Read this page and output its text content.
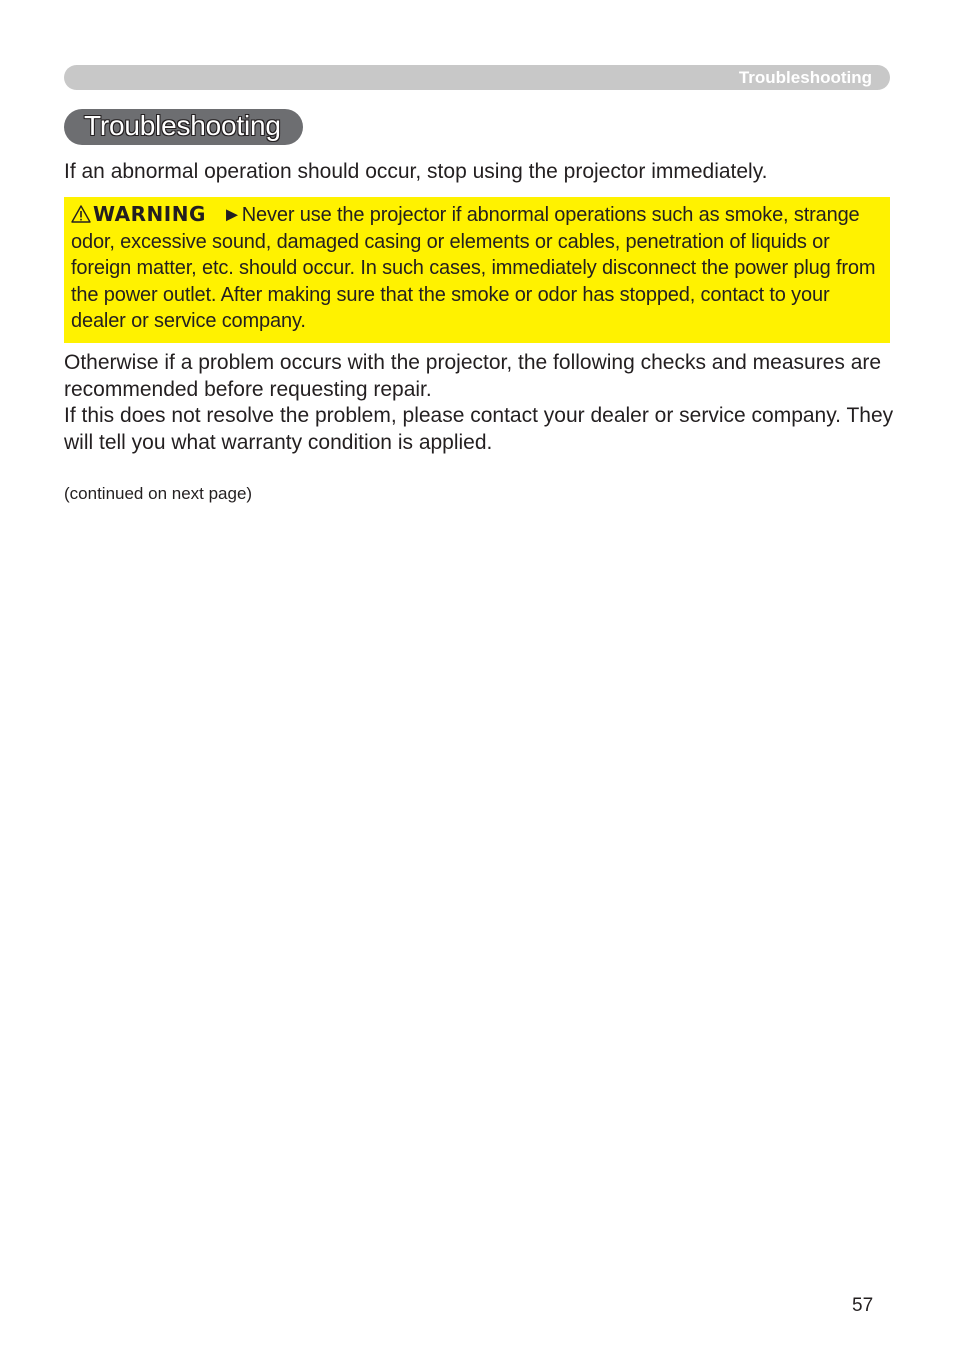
Troubleshooting
Troubleshooting
If an abnormal operation should occur, stop using the projector immediately.
WARNING ►Never use the projector if abnormal operations such as smoke, strange odor, excessive sound, damaged casing or elements or cables, penetration of liquids or foreign matter, etc. should occur. In such cases, immediately disconnect the power plug from the power outlet. After making sure that the smoke or odor has stopped, contact to your dealer or service company.
Otherwise if a problem occurs with the projector, the following checks and measures are recommended before requesting repair.
If this does not resolve the problem, please contact your dealer or service company. They will tell you what warranty condition is applied.
(continued on next page)
57
